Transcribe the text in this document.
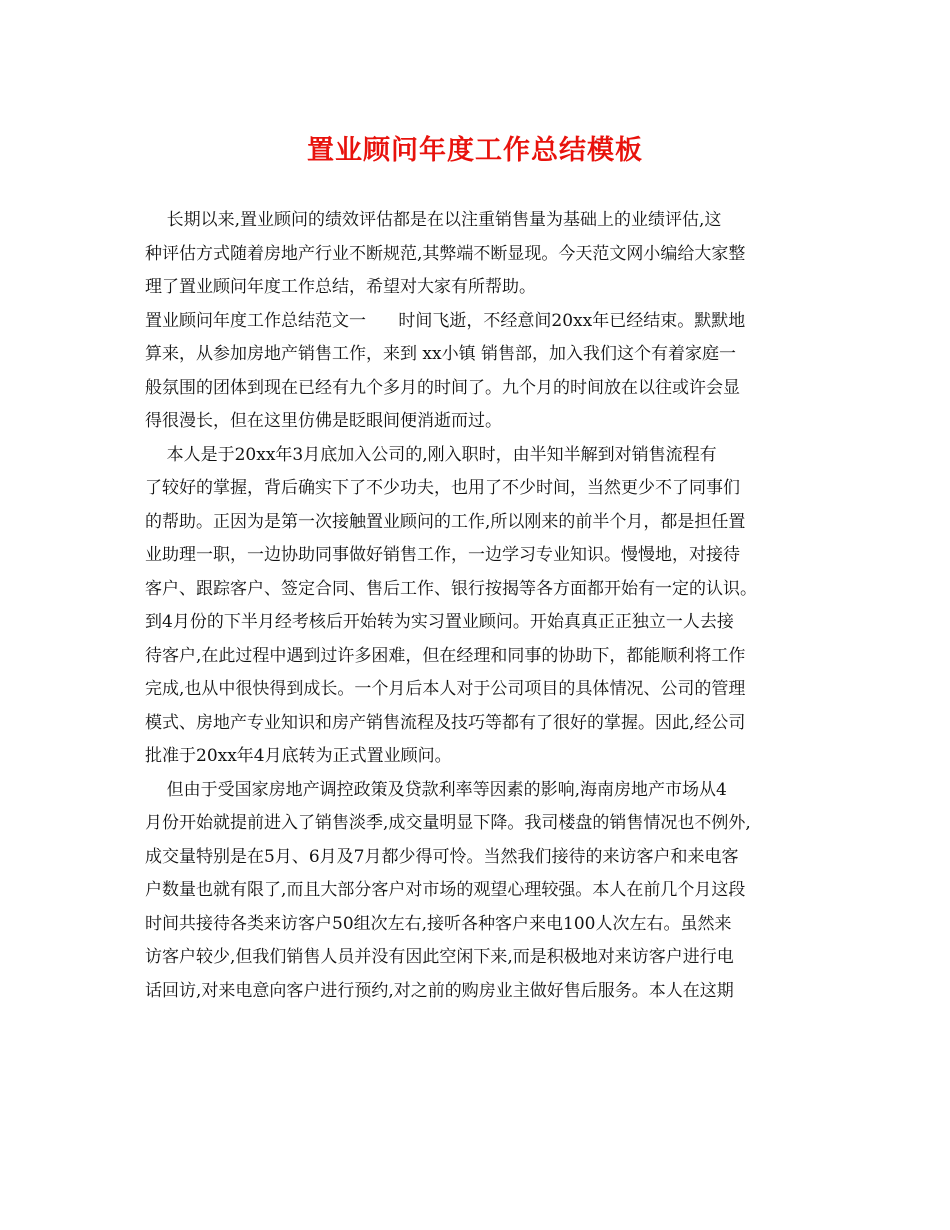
置业顾问年度工作总结模板
长期以来,置业顾问的绩效评估都是在以注重销售量为基础上的业绩评估,这
种评估方式随着房地产行业不断规范,其弊端不断显现。今天范文网小编给大家整
理了置业顾问年度工作总结，希望对大家有所帮助。
置业顾问年度工作总结范文一      时间飞逝，不经意间20xx年已经结束。默默地
算来，从参加房地产销售工作，来到 xx小镇 销售部，加入我们这个有着家庭一
般氛围的团体到现在已经有九个多月的时间了。九个月的时间放在以往或许会显
得很漫长，但在这里仿佛是眨眼间便消逝而过。
本人是于20xx年3月底加入公司的,刚入职时，由半知半解到对销售流程有
了较好的掌握，背后确实下了不少功夫，也用了不少时间，当然更少不了同事们
的帮助。正因为是第一次接触置业顾问的工作,所以刚来的前半个月，都是担任置
业助理一职，一边协助同事做好销售工作，一边学习专业知识。慢慢地，对接待
客户、跟踪客户、签定合同、售后工作、银行按揭等各方面都开始有一定的认识。
到4月份的下半月经考核后开始转为实习置业顾问。开始真真正正独立一人去接
待客户,在此过程中遇到过许多困难，但在经理和同事的协助下，都能顺利将工作
完成,也从中很快得到成长。一个月后本人对于公司项目的具体情况、公司的管理
模式、房地产专业知识和房产销售流程及技巧等都有了很好的掌握。因此,经公司
批准于20xx年4月底转为正式置业顾问。
但由于受国家房地产调控政策及贷款利率等因素的影响,海南房地产市场从4
月份开始就提前进入了销售淡季,成交量明显下降。我司楼盘的销售情况也不例外,
成交量特别是在5月、6月及7月都少得可怜。当然我们接待的来访客户和来电客
户数量也就有限了,而且大部分客户对市场的观望心理较强。本人在前几个月这段
时间共接待各类来访客户50组次左右,接听各种客户来电100人次左右。虽然来
访客户较少,但我们销售人员并没有因此空闲下来,而是积极地对来访客户进行电
话回访,对来电意向客户进行预约,对之前的购房业主做好售后服务。本人在这期
